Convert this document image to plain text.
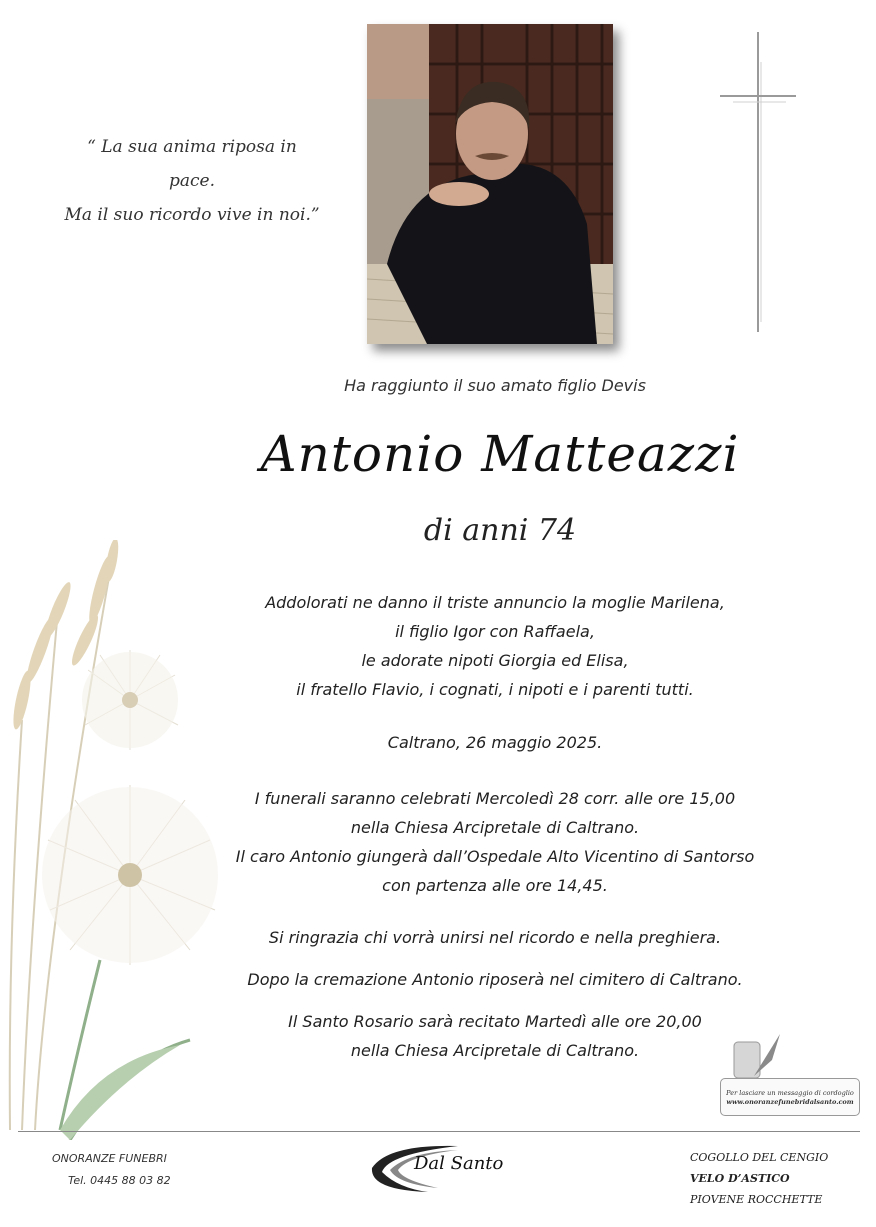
“ La sua anima riposa in pace.
Ma il suo ricordo vive in noi.”
Ha raggiunto il suo amato figlio Devis
Antonio Matteazzi
di anni 74
Addolorati ne danno il triste annuncio la moglie Marilena,
il figlio Igor con Raffaela,
le adorate nipoti Giorgia ed Elisa,
il fratello Flavio, i cognati, i nipoti e i parenti tutti.
Caltrano, 26 maggio 2025.
I funerali saranno celebrati Mercoledì 28 corr. alle ore 15,00
nella Chiesa Arcipretale di Caltrano.
Il caro Antonio giungerà dall’Ospedale Alto Vicentino di Santorso
con partenza alle ore 14,45.
Si ringrazia chi vorrà unirsi nel ricordo e nella preghiera.
Dopo la cremazione Antonio riposerà nel cimitero di Caltrano.
Il Santo Rosario sarà recitato Martedì alle ore 20,00
nella Chiesa Arcipretale di Caltrano.
Per lasciare un messaggio di cordoglio
www.onoranzefunebridalsanto.com
ONORANZE FUNEBRI
Tel. 0445 88 03 82
Dal Santo	COGOLLO DEL CENGIO
VELO D’ASTICO
PIOVENE ROCCHETTE
